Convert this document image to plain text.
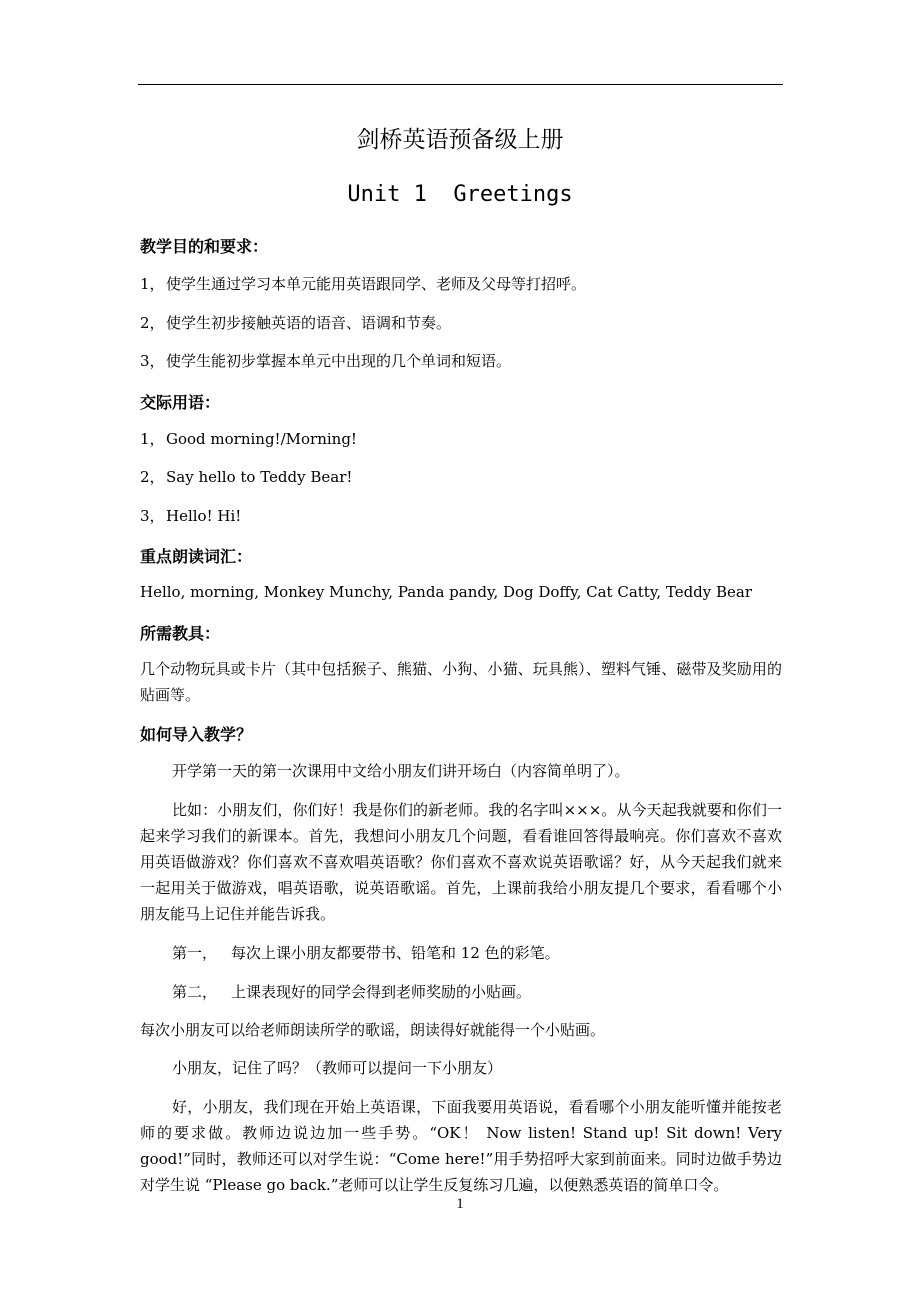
剑桥英语预备级上册
Unit 1  Greetings
教学目的和要求：
1，使学生通过学习本单元能用英语跟同学、老师及父母等打招呼。
2，使学生初步接触英语的语音、语调和节奏。
3，使学生能初步掌握本单元中出现的几个单词和短语。
交际用语：
1，Good morning!/Morning!
2，Say hello to Teddy Bear!
3，Hello! Hi!
重点朗读词汇：
Hello, morning, Monkey Munchy, Panda pandy, Dog Doffy, Cat Catty, Teddy Bear
所需教具：
几个动物玩具或卡片（其中包括猴子、熊猫、小狗、小猫、玩具熊）、塑料气锤、磁带及奖励用的贴画等。
如何导入教学？
开学第一天的第一次课用中文给小朋友们讲开场白（内容简单明了）。
比如：小朋友们，你们好！我是你们的新老师。我的名字叫×××。从今天起我就要和你们一起来学习我们的新课本。首先，我想问小朋友几个问题，看看谁回答得最响亮。你们喜欢不喜欢用英语做游戏？你们喜欢不喜欢唱英语歌？你们喜欢不喜欢说英语歌谣？好，从今天起我们就来一起用关于做游戏，唱英语歌，说英语歌谣。首先，上课前我给小朋友提几个要求，看看哪个小朋友能马上记住并能告诉我。
第一， 每次上课小朋友都要带书、铅笔和 12 色的彩笔。
第二， 上课表现好的同学会得到老师奖励的小贴画。
每次小朋友可以给老师朗读所学的歌谣，朗读得好就能得一个小贴画。
小朋友，记住了吗？（教师可以提问一下小朋友）
好，小朋友，我们现在开始上英语课，下面我要用英语说，看看哪个小朋友能听懂并能按老师的要求做。教师边说边加一些手势。“OK！ Now listen! Stand up! Sit down! Very good!”同时，教师还可以对学生说：“Come here!”用手势招呼大家到前面来。同时边做手势边对学生说 “Please go back.”老师可以让学生反复练习几遍，以便熟悉英语的简单口令。
1
